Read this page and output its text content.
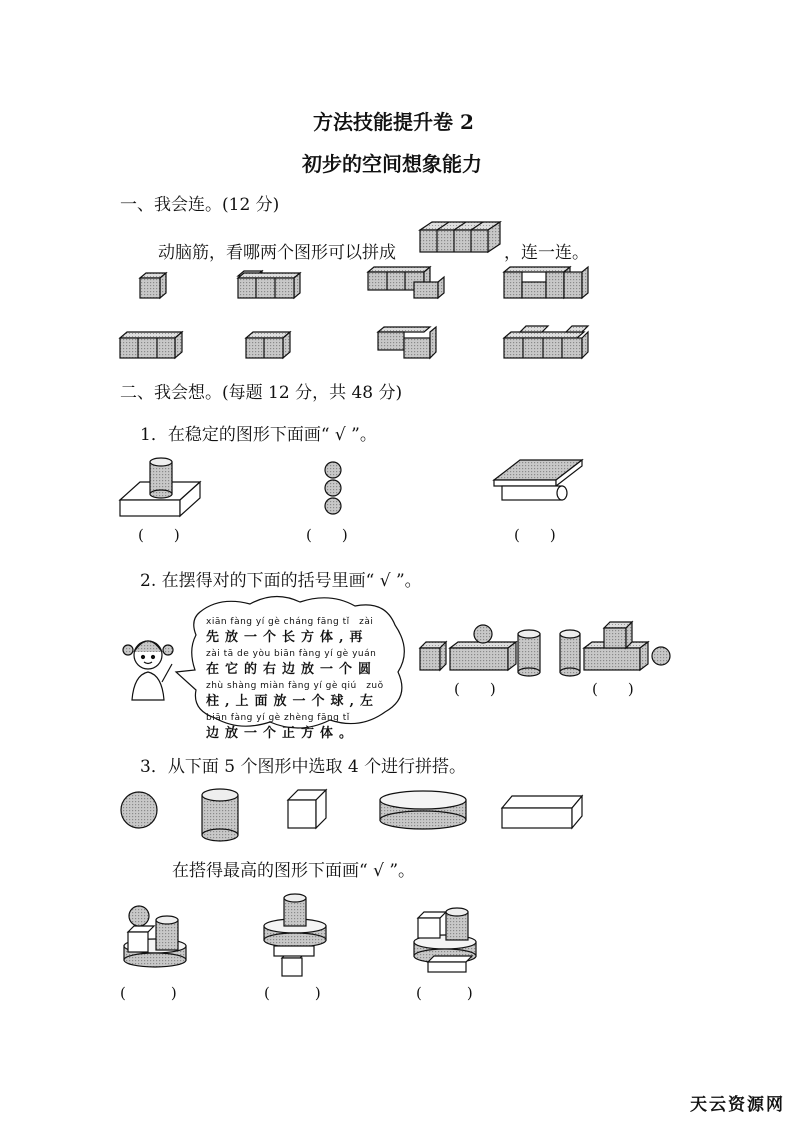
方法技能提升卷 2
初步的空间想象能力
一、我会连。(12 分)
动脑筋，看哪两个图形可以拼成	，连一连。
二、我会想。(每题 12 分，共 48 分)
1．在稳定的图形下面画“ √ ”。
(　　)	(　　)	(　　)
2. 在摆得对的下面的括号里画“ √ ”。
xiān fàng yí gè cháng fāng tǐ　zài
先放一个长方体,再
zài tā de yòu biān fàng yí gè yuán
在它的右边放一个圆
zhù shàng miàn fàng yí gè qiú　zuǒ
柱,上面放一个球,左
biān fàng yí gè zhèng fāng tǐ
边放一个正方体。
(　　)	(　　)
3．从下面 5 个图形中选取 4 个进行拼搭。
在搭得最高的图形下面画“ √ ”。
(　　　)	(　　　)	(　　　)
天云资源网
